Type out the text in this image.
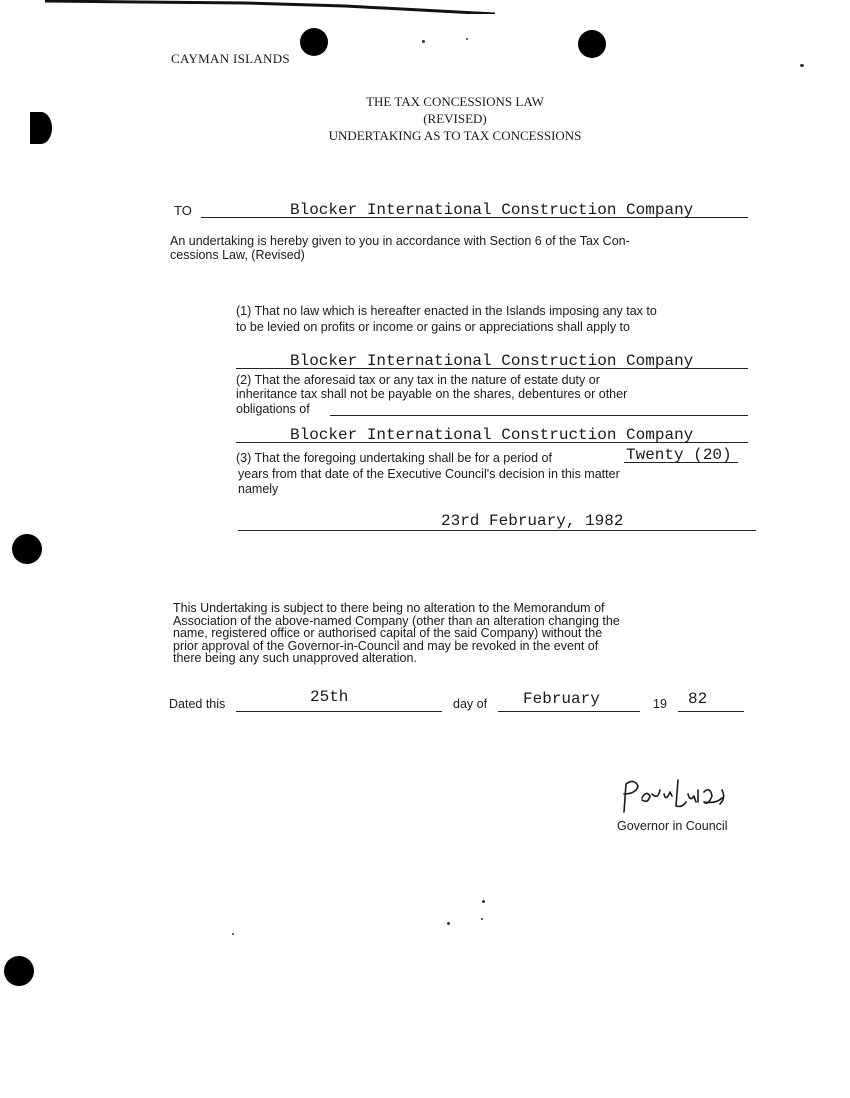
CAYMAN ISLANDS
THE TAX CONCESSIONS LAW
(REVISED)
UNDERTAKING AS TO TAX CONCESSIONS
TO	Blocker International Construction Company
An undertaking is hereby given to you in accordance with Section 6 of the Tax Con-
cessions Law, (Revised)
(1) That no law which is hereafter enacted in the Islands imposing any tax to
to be levied on profits or income or gains or appreciations shall apply to
Blocker International Construction Company
(2) That the aforesaid tax or any tax in the nature of estate duty or
inheritance tax shall not be payable on the shares, debentures or other
obligations of
Blocker International Construction Company
(3) That the foregoing undertaking shall be for a period of	Twenty (20)
years from that date of the Executive Council's decision in this matter
namely
23rd February, 1982
This Undertaking is subject to there being no alteration to the Memorandum of
Association of the above-named Company (other than an alteration changing the
name, registered office or authorised capital of the said Company) without the
prior approval of the Governor-in-Council and may be revoked in the event of
there being any such unapproved alteration.
Dated this	25th	day of February	19 82
Governor in Council
